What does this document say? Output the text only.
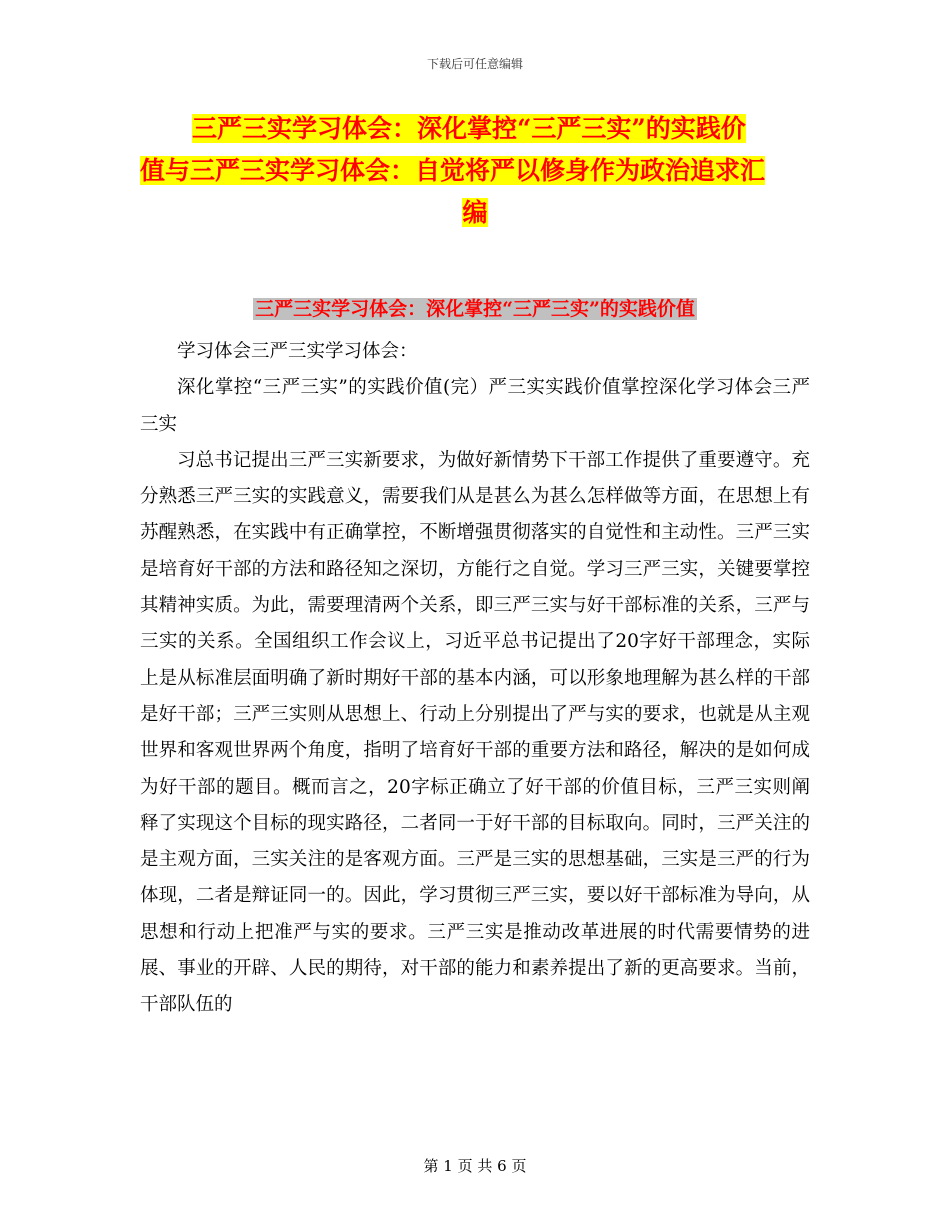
下载后可任意编辑
三严三实学习体会：深化掌控“三严三实”的实践价
值与三严三实学习体会：自觉将严以修身作为政治追求汇
编
三严三实学习体会：深化掌控“三严三实”的实践价值

学习体会三严三实学习体会：

深化掌控“三严三实”的实践价值(完）严三实实践价值掌控深化学习体会三严三实

习总书记提出三严三实新要求，为做好新情势下干部工作提供了重要遵守。充分熟悉三严三实的实践意义，需要我们从是甚么为甚么怎样做等方面，在思想上有苏醒熟悉，在实践中有正确掌控，不断增强贯彻落实的自觉性和主动性。三严三实是培育好干部的方法和路径知之深切，方能行之自觉。学习三严三实，关键要掌控其精神实质。为此，需要理清两个关系，即三严三实与好干部标准的关系，三严与三实的关系。全国组织工作会议上，习近平总书记提出了20字好干部理念，实际上是从标准层面明确了新时期好干部的基本内涵，可以形象地理解为甚么样的干部是好干部；三严三实则从思想上、行动上分别提出了严与实的要求，也就是从主观世界和客观世界两个角度，指明了培育好干部的重要方法和路径，解决的是如何成为好干部的题目。概而言之，20字标正确立了好干部的价值目标，三严三实则阐释了实现这个目标的现实路径，二者同一于好干部的目标取向。同时，三严关注的是主观方面，三实关注的是客观方面。三严是三实的思想基础，三实是三严的行为体现，二者是辩证同一的。因此，学习贯彻三严三实，要以好干部标准为导向，从思想和行动上把准严与实的要求。三严三实是推动改革进展的时代需要情势的进展、事业的开辟、人民的期待，对干部的能力和素养提出了新的更高要求。当前，干部队伍的

第 1 页 共 6 页
